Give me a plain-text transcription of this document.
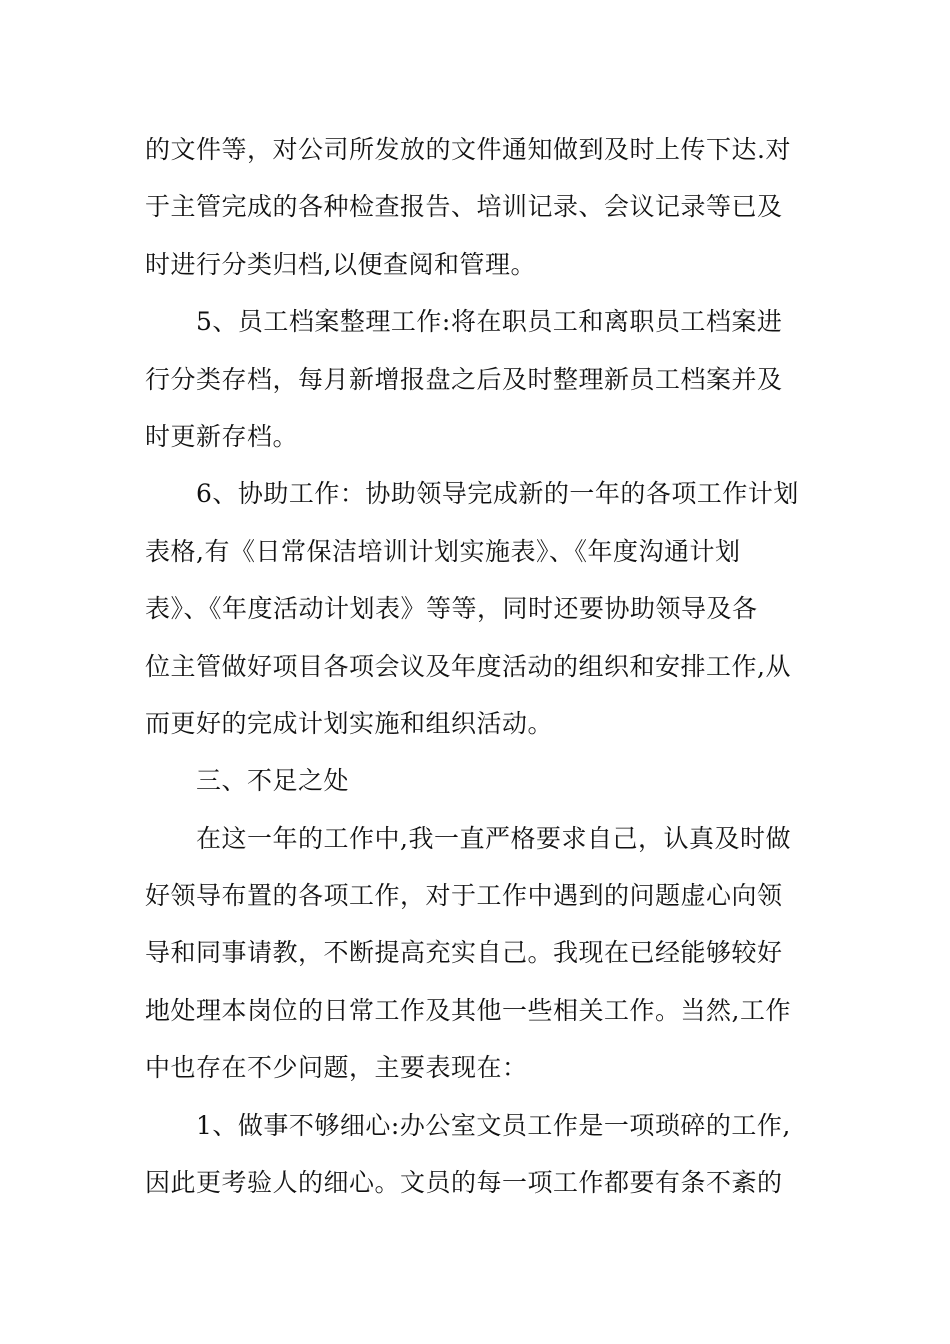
的文件等，对公司所发放的文件通知做到及时上传下达.对
于主管完成的各种检查报告、培训记录、会议记录等已及
时进行分类归档,以便查阅和管理。
5、员工档案整理工作:将在职员工和离职员工档案进
行分类存档，每月新增报盘之后及时整理新员工档案并及
时更新存档。
6、协助工作：协助领导完成新的一年的各项工作计划
表格,有《日常保洁培训计划实施表》、《年度沟通计划
表》、《年度活动计划表》等等，同时还要协助领导及各
位主管做好项目各项会议及年度活动的组织和安排工作,从
而更好的完成计划实施和组织活动。
三、不足之处
在这一年的工作中,我一直严格要求自己，认真及时做
好领导布置的各项工作，对于工作中遇到的问题虚心向领
导和同事请教，不断提高充实自己。我现在已经能够较好
地处理本岗位的日常工作及其他一些相关工作。当然,工作
中也存在不少问题，主要表现在：
1、做事不够细心:办公室文员工作是一项琐碎的工作,
因此更考验人的细心。文员的每一项工作都要有条不紊的
